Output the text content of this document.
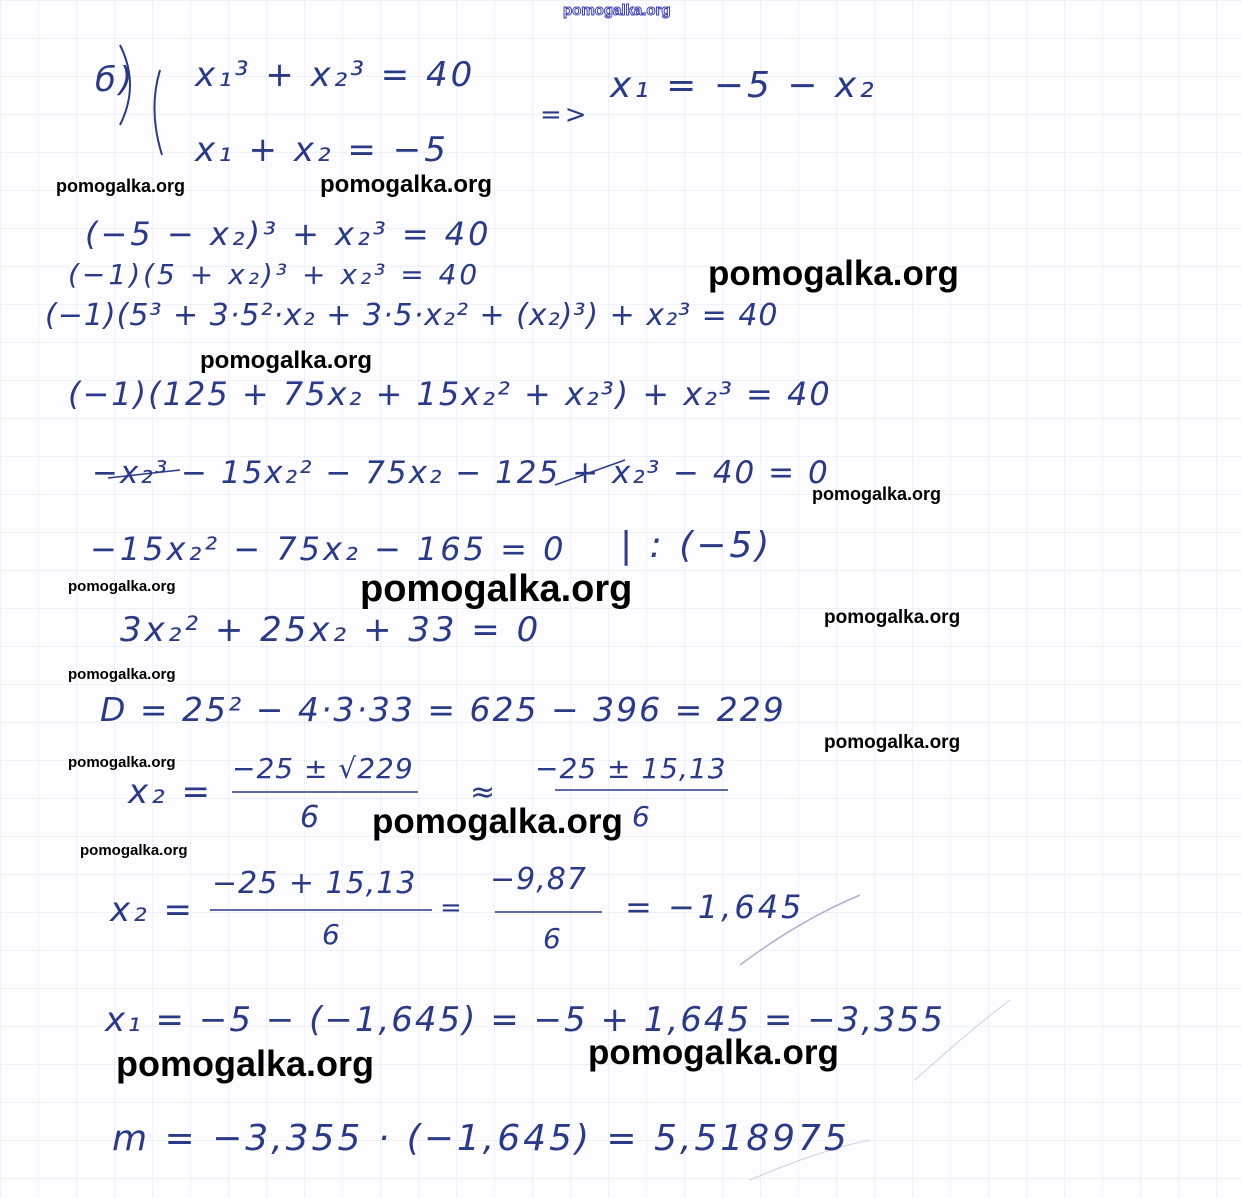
pomogalka.org
б) x₁³ + x₂³ = 40
x₁ + x₂ = −5
=>
x₁ = −5 − x₂
(−5 − x₂)³ + x₂³ = 40
(−1)(5 + x₂)³ + x₂³ = 40
(−1)(5³ + 3·5²·x₂ + 3·5·x₂² + (x₂)³) + x₂³ = 40
(−1)(125 + 75x₂ + 15x₂² + x₂³) + x₂³ = 40
−x₂³ − 15x₂² − 75x₂ − 125 + x₂³ − 40 = 0
−15x₂² − 75x₂ − 165 = 0 | : (−5)
3x₂² + 25x₂ + 33 = 0
D = 25² − 4·3·33 = 625 − 396 = 229
x₂ =
−25 ± √229
6
≈
−25 ± 15,13
6
x₂ =
−25 + 15,13
6
=
−9,87
6
= −1,645
x₁ = −5 − (−1,645) = −5 + 1,645 = −3,355
m = −3,355 · (−1,645) = 5,518975
pomogalka.org	pomogalka.org
pomogalka.org
pomogalka.org
pomogalka.org
pomogalka.org	pomogalka.org
pomogalka.org
pomogalka.org
pomogalka.org
pomogalka.org
pomogalka.org
pomogalka.org
pomogalka.org	pomogalka.org
